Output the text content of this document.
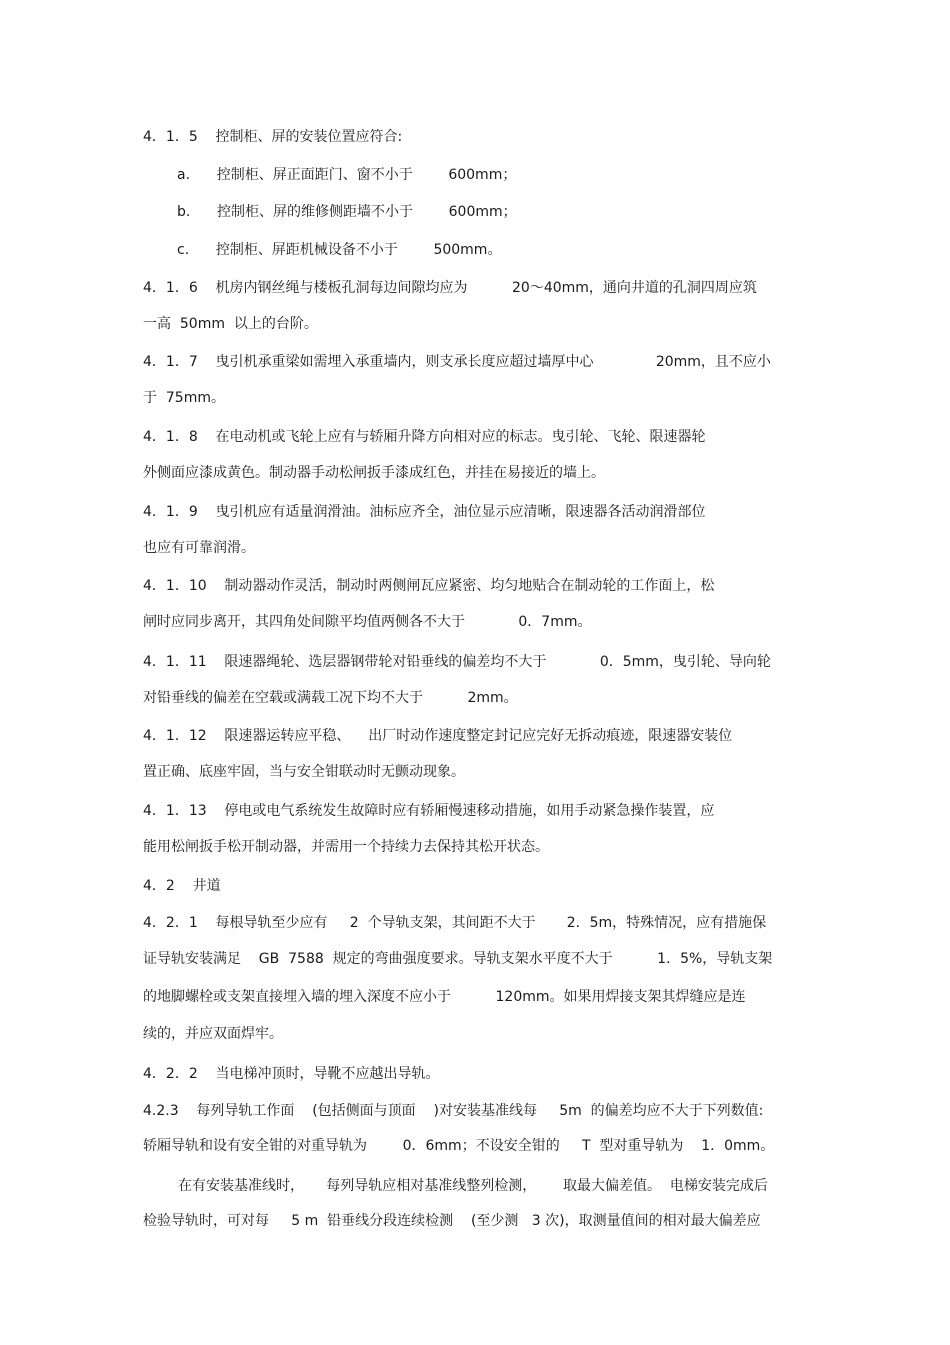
4．1．5    控制柜、屏的安装位置应符合:

a.      控制柜、屏正面距门、窗不小于        600mm；

b.      控制柜、屏的维修侧距墙不小于        600mm；

c.      控制柜、屏距机械设备不小于        500mm。

4．1．6    机房内钢丝绳与楼板孔洞每边间隙均应为          20～40mm，通向井道的孔洞四周应筑

一高  50mm  以上的台阶。

4．1．7    曳引机承重梁如需埋入承重墙内，则支承长度应超过墙厚中心              20mm，且不应小

于  75mm。

4．1．8    在电动机或飞轮上应有与轿厢升降方向相对应的标志。曳引轮、飞轮、限速器轮

外侧面应漆成黄色。制动器手动松闸扳手漆成红色，并挂在易接近的墙上。

4．1．9    曳引机应有适量润滑油。油标应齐全，油位显示应清晰，限速器各活动润滑部位

也应有可靠润滑。

4．1．10    制动器动作灵活，制动时两侧闸瓦应紧密、均匀地贴合在制动轮的工作面上，松

闸时应同步离开，其四角处间隙平均值两侧各不大于            0．7mm。

4．1．11    限速器绳轮、选层器钢带轮对铅垂线的偏差均不大于            0．5mm，曳引轮、导向轮

对铅垂线的偏差在空载或满载工况下均不大于          2mm。

4．1．12    限速器运转应平稳、    出厂时动作速度整定封记应完好无拆动痕迹，限速器安装位

置正确、底座牢固，当与安全钳联动时无颤动现象。

4．1．13    停电或电气系统发生故障时应有轿厢慢速移动措施，如用手动紧急操作装置，应

能用松闸扳手松开制动器，并需用一个持续力去保持其松开状态。

4．2    井道

4．2．1    每根导轨至少应有     2  个导轨支架，其间距不大于       2．5m，特殊情况，应有措施保

证导轨安装满足    GB  7588  规定的弯曲强度要求。导轨支架水平度不大于          1．5%，导轨支架

的地脚螺栓或支架直接埋入墙的埋入深度不应小于          120mm。如果用焊接支架其焊缝应是连

续的，并应双面焊牢。

4．2．2    当电梯冲顶时，导靴不应越出导轨。

4.2.3    每列导轨工作面    (包括侧面与顶面    )对安装基准线每     5m  的偏差均应不大于下列数值:

轿厢导轨和设有安全钳的对重导轨为        0．6mm；不设安全钳的     T  型对重导轨为    1．0mm。

在有安装基准线时，     每列导轨应相对基准线整列检测，      取最大偏差值。  电梯安装完成后

检验导轨时，可对每     5 m  铅垂线分段连续检测    (至少测   3 次)，取测量值间的相对最大偏差应
